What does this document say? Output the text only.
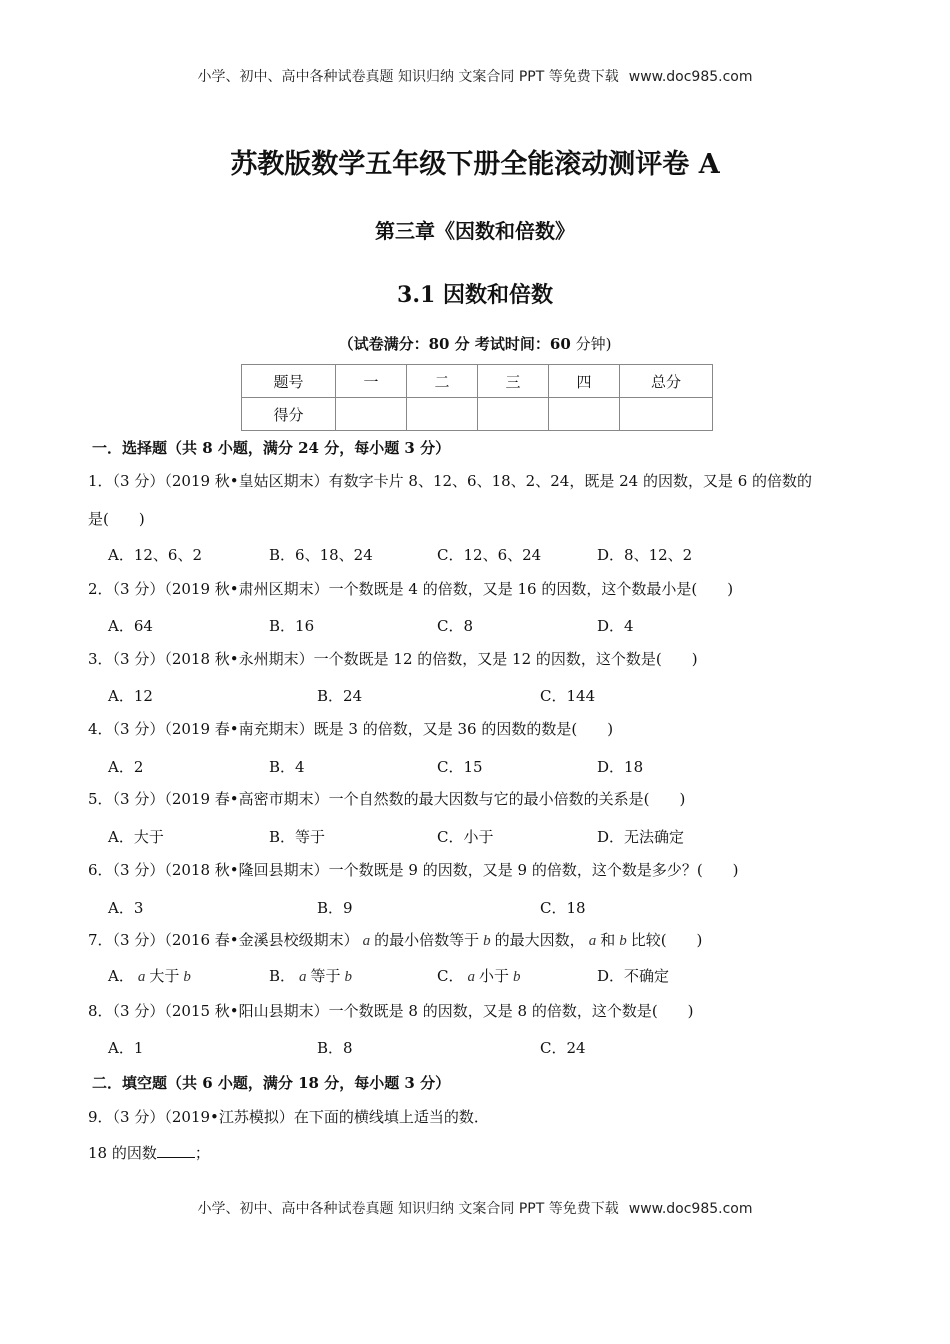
小学、初中、高中各种试卷真题 知识归纳 文案合同 PPT 等免费下载 www.doc985.com
苏教版数学五年级下册全能滚动测评卷 A
第三章《因数和倍数》
3.1 因数和倍数
（试卷满分：80 分 考试时间：60 分钟)
题号	一	二	三	四	总分
得分					
一．选择题（共 8 小题，满分 24 分，每小题 3 分）
1．（3 分）（2019 秋•皇姑区期末）有数字卡片 8、12、6、18、2、24，既是 24 的因数，又是 6 的倍数的
是(　　)
A．12、6、2	B．6、18、24	C．12、6、24	D．8、12、2
2．（3 分）（2019 秋•肃州区期末）一个数既是 4 的倍数，又是 16 的因数，这个数最小是(　　)
A．64	B．16	C．8	D．4
3．（3 分）（2018 秋•永州期末）一个数既是 12 的倍数，又是 12 的因数，这个数是(　　)
A．12	B．24	C．144
4．（3 分）（2019 春•南充期末）既是 3 的倍数，又是 36 的因数的数是(　　)
A．2	B．4	C．15	D．18
5．（3 分）（2019 春•高密市期末）一个自然数的最大因数与它的最小倍数的关系是(　　)
A．大于	B．等于	C．小于	D．无法确定
6．（3 分）（2018 秋•隆回县期末）一个数既是 9 的因数，又是 9 的倍数，这个数是多少？(　　)
A．3	B．9	C．18
7．（3 分）（2016 春•金溪县校级期末） a 的最小倍数等于 b 的最大因数， a 和 b 比较(　　)
A． a 大于 b	B． a 等于 b	C． a 小于 b	D．不确定
8．（3 分）（2015 秋•阳山县期末）一个数既是 8 的因数，又是 8 的倍数，这个数是(　　)
A．1	B．8	C．24
二．填空题（共 6 小题，满分 18 分，每小题 3 分）
9．（3 分）（2019•江苏模拟）在下面的横线填上适当的数．
18 的因数	；
小学、初中、高中各种试卷真题 知识归纳 文案合同 PPT 等免费下载 www.doc985.com
